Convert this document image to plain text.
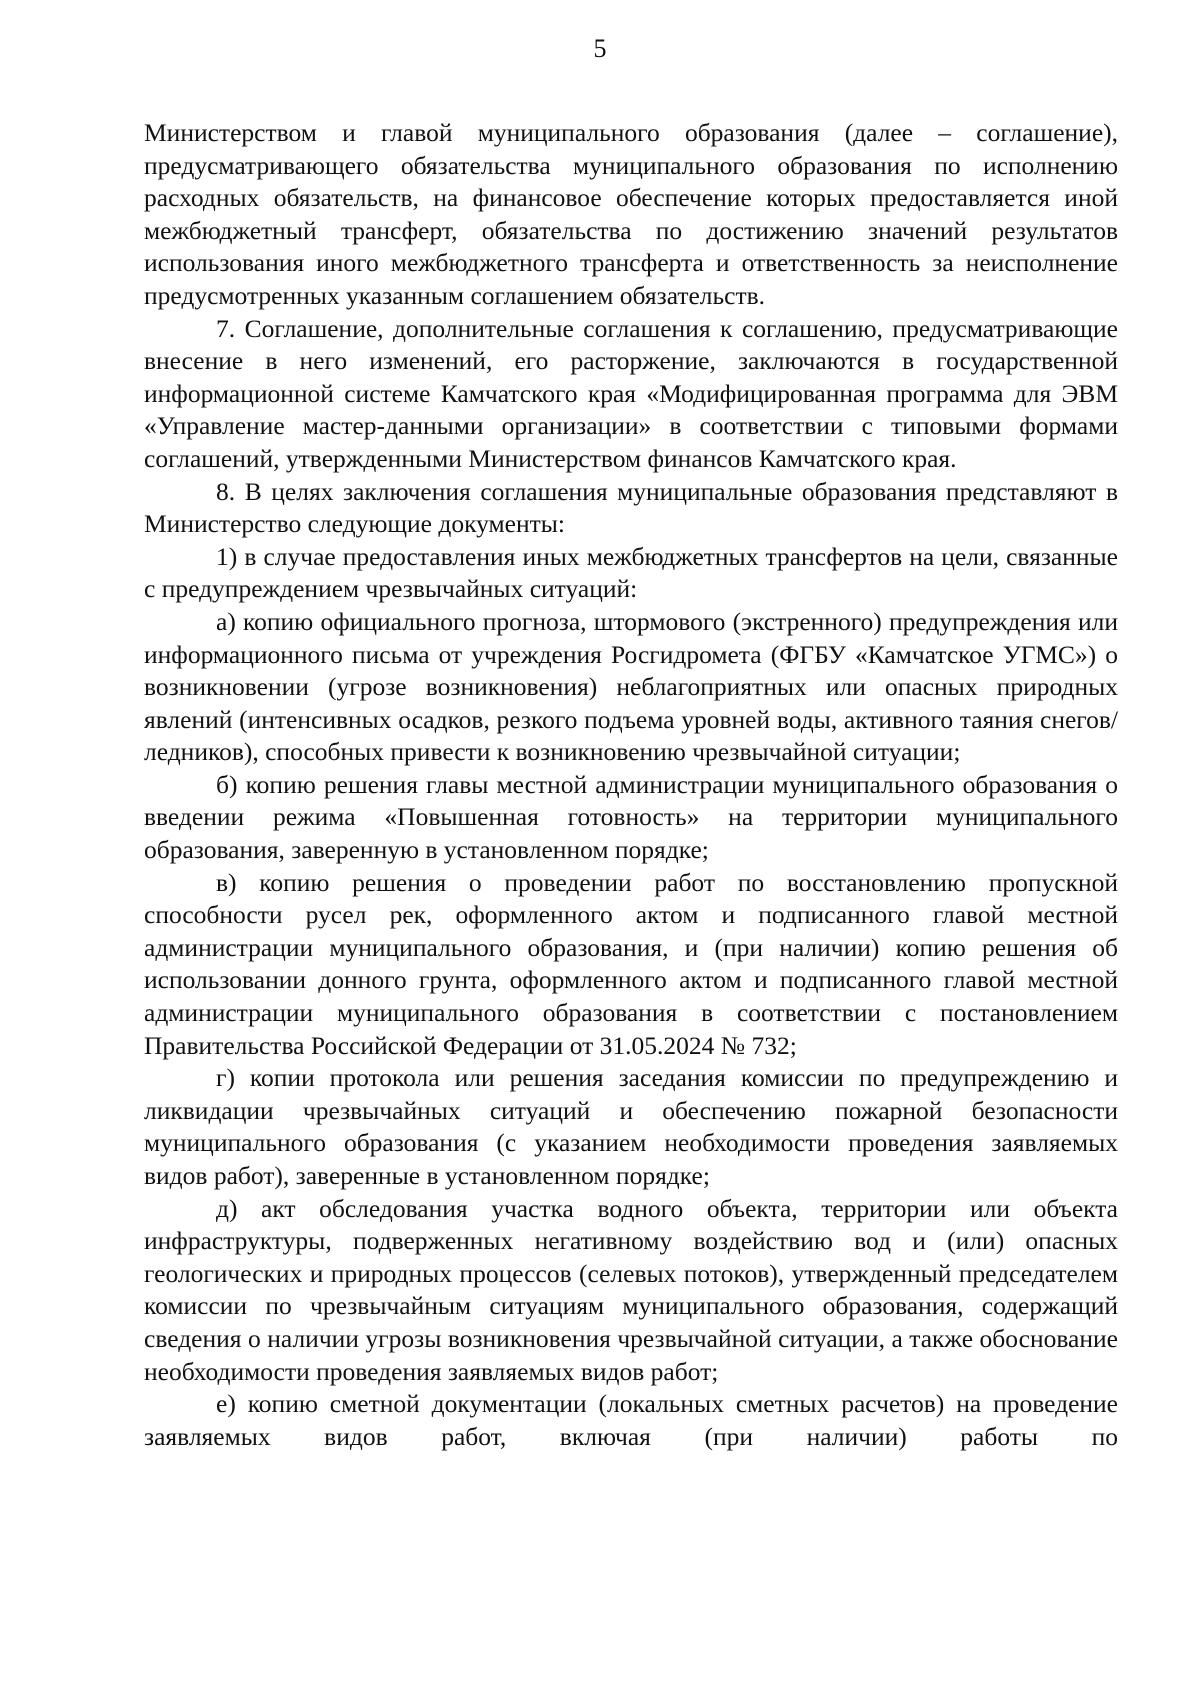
5

Министерством и главой муниципального образования (далее – соглашение), предусматривающего обязательства муниципального образования по исполнению расходных обязательств, на финансовое обеспечение которых предоставляется иной межбюджетный трансферт, обязательства по достижению значений результатов использования иного межбюджетного трансферта и ответственность за неисполнение предусмотренных указанным соглашением обязательств.

7. Соглашение, дополнительные соглашения к соглашению, предусматривающие внесение в него изменений, его расторжение, заключаются в государственной информационной системе Камчатского края «Модифицированная программа для ЭВМ «Управление мастер-данными организации» в соответствии с типовыми формами соглашений, утвержденными Министерством финансов Камчатского края.

8. В целях заключения соглашения муниципальные образования представляют в Министерство следующие документы:

1) в случае предоставления иных межбюджетных трансфертов на цели, связанные с предупреждением чрезвычайных ситуаций:

а) копию официального прогноза, штормового (экстренного) предупреждения или информационного письма от учреждения Росгидромета (ФГБУ «Камчатское УГМС») о возникновении (угрозе возникновения) неблагоприятных или опасных природных явлений (интенсивных осадков, резкого подъема уровней воды, активного таяния снегов/ледников), способных привести к возникновению чрезвычайной ситуации;

б) копию решения главы местной администрации муниципального образования о введении режима «Повышенная готовность» на территории муниципального образования, заверенную в установленном порядке;

в) копию решения о проведении работ по восстановлению пропускной способности русел рек, оформленного актом и подписанного главой местной администрации муниципального образования, и (при наличии) копию решения об использовании донного грунта, оформленного актом и подписанного главой местной администрации муниципального образования в соответствии с постановлением Правительства Российской Федерации от 31.05.2024 № 732;

г) копии протокола или решения заседания комиссии по предупреждению и ликвидации чрезвычайных ситуаций и обеспечению пожарной безопасности муниципального образования (с указанием необходимости проведения заявляемых видов работ), заверенные в установленном порядке;

д) акт обследования участка водного объекта, территории или объекта инфраструктуры, подверженных негативному воздействию вод и (или) опасных геологических и природных процессов (селевых потоков), утвержденный председателем комиссии по чрезвычайным ситуациям муниципального образования, содержащий сведения о наличии угрозы возникновения чрезвычайной ситуации, а также обоснование необходимости проведения заявляемых видов работ;

е) копию сметной документации (локальных сметных расчетов) на проведение заявляемых видов работ, включая (при наличии) работы по
